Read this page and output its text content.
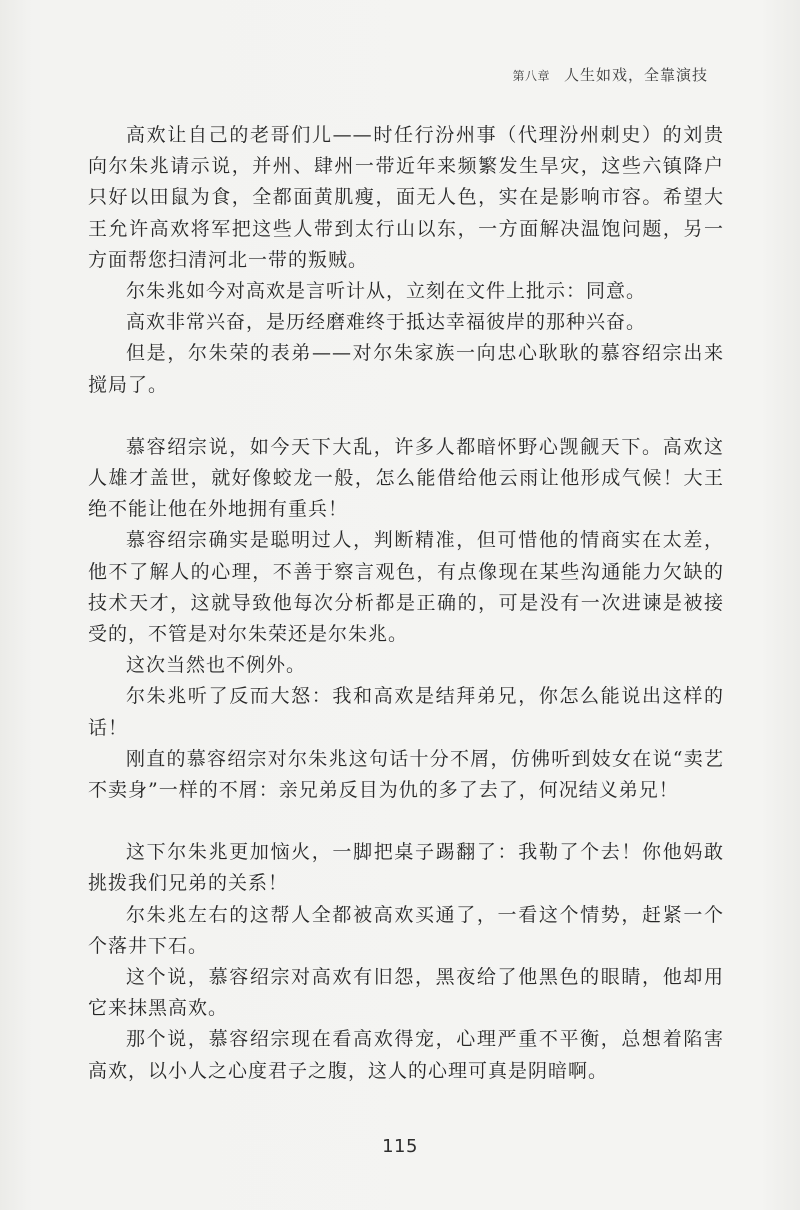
第八章 人生如戏，全靠演技

高欢让自己的老哥们儿——时任行汾州事（代理汾州刺史）的刘贵向尔朱兆请示说，并州、肆州一带近年来频繁发生旱灾，这些六镇降户只好以田鼠为食，全都面黄肌瘦，面无人色，实在是影响市容。希望大王允许高欢将军把这些人带到太行山以东，一方面解决温饱问题，另一方面帮您扫清河北一带的叛贼。

尔朱兆如今对高欢是言听计从，立刻在文件上批示：同意。

高欢非常兴奋，是历经磨难终于抵达幸福彼岸的那种兴奋。

但是，尔朱荣的表弟——对尔朱家族一向忠心耿耿的慕容绍宗出来搅局了。

慕容绍宗说，如今天下大乱，许多人都暗怀野心觊觎天下。高欢这人雄才盖世，就好像蛟龙一般，怎么能借给他云雨让他形成气候！大王绝不能让他在外地拥有重兵！

慕容绍宗确实是聪明过人，判断精准，但可惜他的情商实在太差，他不了解人的心理，不善于察言观色，有点像现在某些沟通能力欠缺的技术天才，这就导致他每次分析都是正确的，可是没有一次进谏是被接受的，不管是对尔朱荣还是尔朱兆。

这次当然也不例外。

尔朱兆听了反而大怒：我和高欢是结拜弟兄，你怎么能说出这样的话！

刚直的慕容绍宗对尔朱兆这句话十分不屑，仿佛听到妓女在说“卖艺不卖身”一样的不屑：亲兄弟反目为仇的多了去了，何况结义弟兄！

这下尔朱兆更加恼火，一脚把桌子踢翻了：我勒了个去！你他妈敢挑拨我们兄弟的关系！

尔朱兆左右的这帮人全都被高欢买通了，一看这个情势，赶紧一个个落井下石。

这个说，慕容绍宗对高欢有旧怨，黑夜给了他黑色的眼睛，他却用它来抹黑高欢。

那个说，慕容绍宗现在看高欢得宠，心理严重不平衡，总想着陷害高欢，以小人之心度君子之腹，这人的心理可真是阴暗啊。

115
